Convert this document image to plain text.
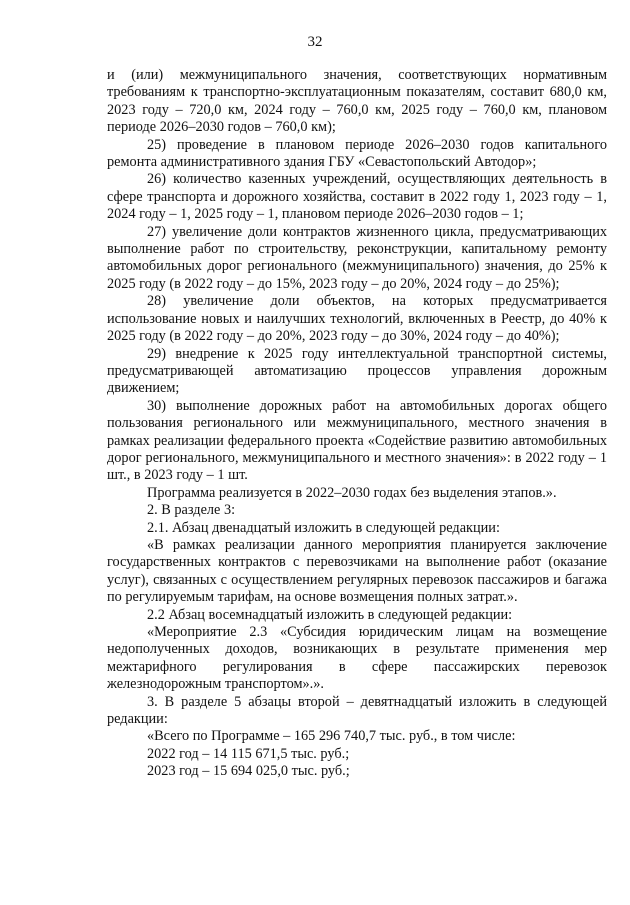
32

и (или) межмуниципального значения, соответствующих нормативным требованиям к транспортно-эксплуатационным показателям, составит 680,0 км, 2023 году – 720,0 км, 2024 году – 760,0 км, 2025 году – 760,0 км, плановом периоде 2026–2030 годов – 760,0 км);

25) проведение в плановом периоде 2026–2030 годов капитального ремонта административного здания ГБУ «Севастопольский Автодор»;

26) количество казенных учреждений, осуществляющих деятельность в сфере транспорта и дорожного хозяйства, составит в 2022 году 1, 2023 году – 1, 2024 году – 1, 2025 году – 1, плановом периоде 2026–2030 годов – 1;

27) увеличение доли контрактов жизненного цикла, предусматривающих выполнение работ по строительству, реконструкции, капитальному ремонту автомобильных дорог регионального (межмуниципального) значения, до 25% к 2025 году (в 2022 году – до 15%, 2023 году – до 20%, 2024 году – до 25%);

28) увеличение доли объектов, на которых предусматривается использование новых и наилучших технологий, включенных в Реестр, до 40% к 2025 году (в 2022 году – до 20%, 2023 году – до 30%, 2024 году – до 40%);

29) внедрение к 2025 году интеллектуальной транспортной системы, предусматривающей автоматизацию процессов управления дорожным движением;

30) выполнение дорожных работ на автомобильных дорогах общего пользования регионального или межмуниципального, местного значения в рамках реализации федерального проекта «Содействие развитию автомобильных дорог регионального, межмуниципального и местного значения»: в 2022 году – 1 шт., в 2023 году – 1 шт.

Программа реализуется в 2022–2030 годах без выделения этапов.».

2. В разделе 3:

2.1. Абзац двенадцатый изложить в следующей редакции:

«В рамках реализации данного мероприятия планируется заключение государственных контрактов с перевозчиками на выполнение работ (оказание услуг), связанных с осуществлением регулярных перевозок пассажиров и багажа по регулируемым тарифам, на основе возмещения полных затрат.».

2.2 Абзац восемнадцатый изложить в следующей редакции:

«Мероприятие 2.3 «Субсидия юридическим лицам на возмещение недополученных доходов, возникающих в результате применения мер межтарифного регулирования в сфере пассажирских перевозок железнодорожным транспортом».».

3. В разделе 5 абзацы второй – девятнадцатый изложить в следующей редакции:

«Всего по Программе – 165 296 740,7 тыс. руб., в том числе:

2022 год – 14 115 671,5 тыс. руб.;

2023 год – 15 694 025,0 тыс. руб.;
